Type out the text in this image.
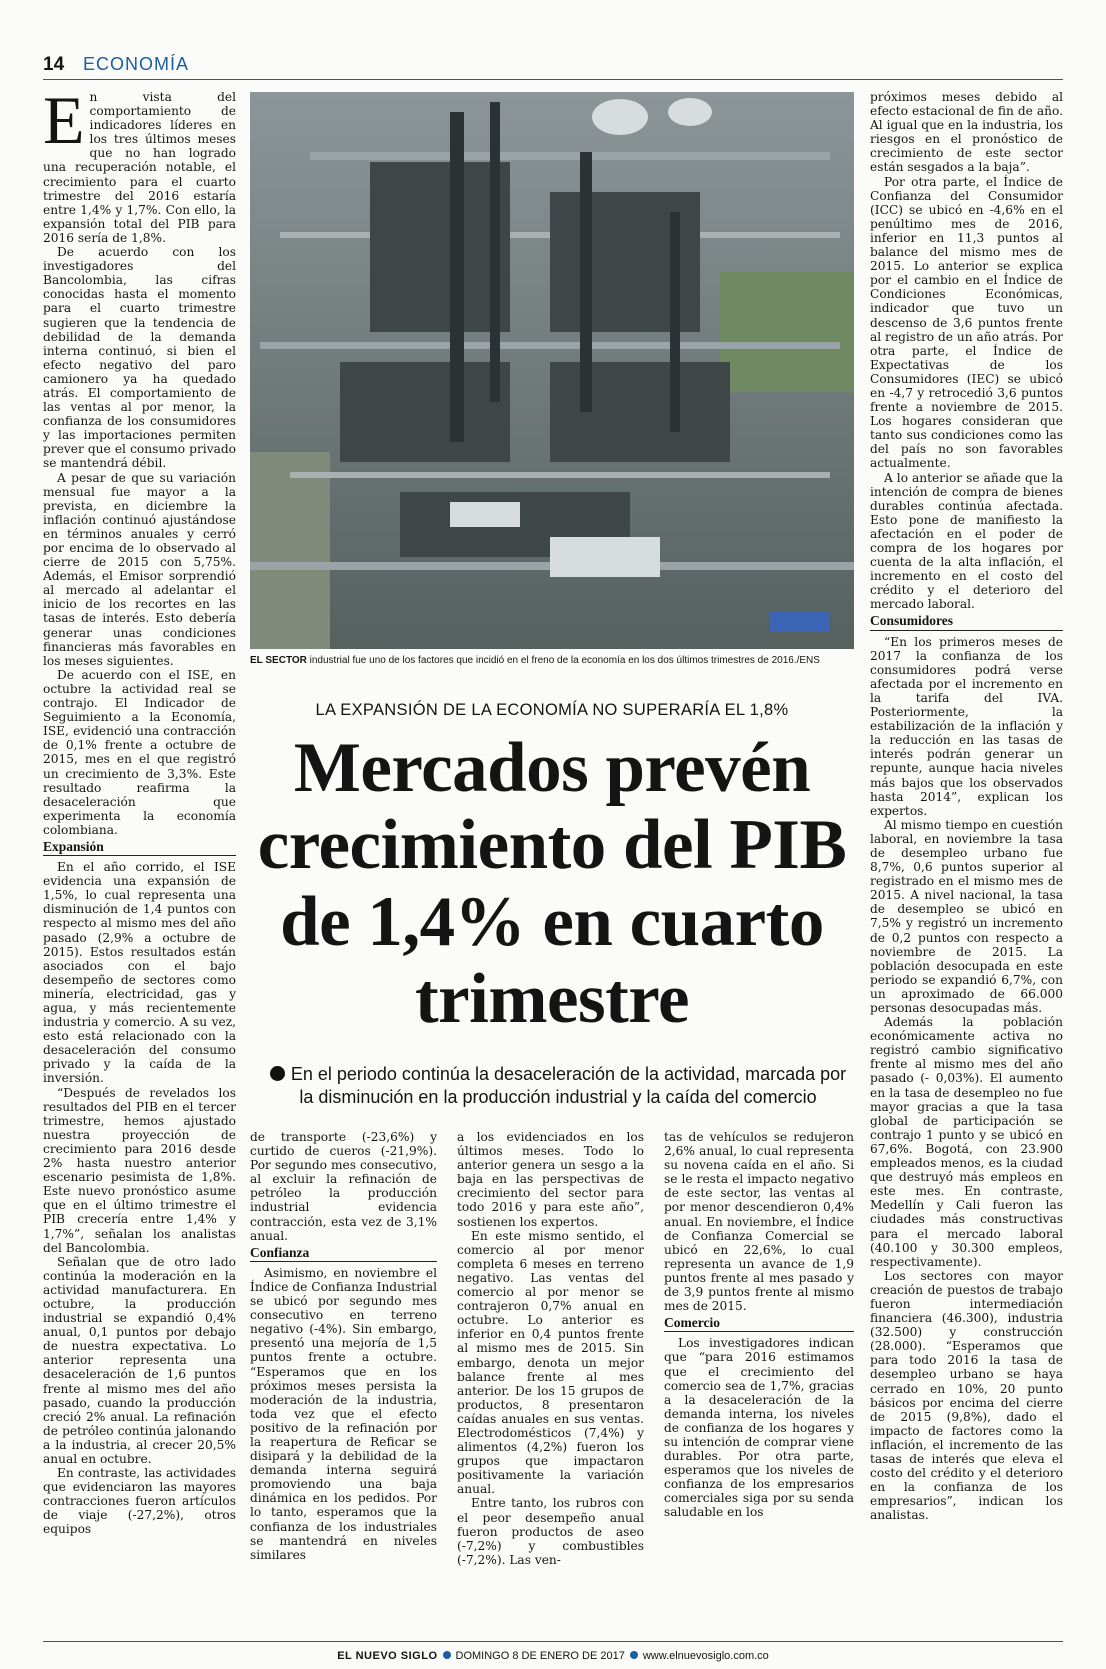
14 ECONOMÍA

En vista del comportamiento de indicadores líderes en los tres últimos meses que no han logrado una recuperación notable, el crecimiento para el cuarto trimestre del 2016 estaría entre 1,4% y 1,7%. Con ello, la expansión total del PIB para 2016 sería de 1,8%.

De acuerdo con los investigadores del Bancolombia, las cifras conocidas hasta el momento para el cuarto trimestre sugieren que la tendencia de debilidad de la demanda interna continuó, si bien el efecto negativo del paro camionero ya ha quedado atrás. El comportamiento de las ventas al por menor, la confianza de los consumidores y las importaciones permiten prever que el consumo privado se mantendrá débil.

A pesar de que su variación mensual fue mayor a la prevista, en diciembre la inflación continuó ajustándose en términos anuales y cerró por encima de lo observado al cierre de 2015 con 5,75%. Además, el Emisor sorprendió al mercado al adelantar el inicio de los recortes en las tasas de interés. Esto debería generar unas condiciones financieras más favorables en los meses siguientes.

De acuerdo con el ISE, en octubre la actividad real se contrajo. El Indicador de Seguimiento a la Economía, ISE, evidenció una contracción de 0,1% frente a octubre de 2015, mes en el que registró un crecimiento de 3,3%. Este resultado reafirma la desaceleración que experimenta la economía colombiana.

Expansión

En el año corrido, el ISE evidencia una expansión de 1,5%, lo cual representa una disminución de 1,4 puntos con respecto al mismo mes del año pasado (2,9% a octubre de 2015). Estos resultados están asociados con el bajo desempeño de sectores como minería, electricidad, gas y agua, y más recientemente industria y comercio. A su vez, esto está relacionado con la desaceleración del consumo privado y la caída de la inversión.

“Después de revelados los resultados del PIB en el tercer trimestre, hemos ajustado nuestra proyección de crecimiento para 2016 desde 2% hasta nuestro anterior escenario pesimista de 1,8%. Este nuevo pronóstico asume que en el último trimestre el PIB crecería entre 1,4% y 1,7%”, señalan los analistas del Bancolombia.

Señalan que de otro lado continúa la moderación en la actividad manufacturera. En octubre, la producción industrial se expandió 0,4% anual, 0,1 puntos por debajo de nuestra expectativa. Lo anterior representa una desaceleración de 1,6 puntos frente al mismo mes del año pasado, cuando la producción creció 2% anual. La refinación de petróleo continúa jalonando a la industria, al crecer 20,5% anual en octubre.

En contraste, las actividades que evidenciaron las mayores contracciones fueron artículos de viaje (-27,2%), otros equipos

EL SECTOR industrial fue uno de los factores que incidió en el freno de la economía en los dos últimos trimestres de 2016./ENS
LA EXPANSIÓN DE LA ECONOMÍA NO SUPERARÍA EL 1,8%
Mercados prevén crecimiento del PIB de 1,4% en cuarto trimestre
En el periodo continúa la desaceleración de la actividad, marcada por la disminución en la producción industrial y la caída del comercio

de transporte (-23,6%) y curtido de cueros (-21,9%). Por segundo mes consecutivo, al excluir la refinación de petróleo la producción industrial evidencia contracción, esta vez de 3,1% anual.

Confianza

Asimismo, en noviembre el Índice de Confianza Industrial se ubicó por segundo mes consecutivo en terreno negativo (-4%). Sin embargo, presentó una mejoría de 1,5 puntos frente a octubre. “Esperamos que en los próximos meses persista la moderación de la industria, toda vez que el efecto positivo de la refinación por la reapertura de Reficar se disipará y la debilidad de la demanda interna seguirá promoviendo una baja dinámica en los pedidos. Por lo tanto, esperamos que la confianza de los industriales se mantendrá en niveles similares

a los evidenciados en los últimos meses. Todo lo anterior genera un sesgo a la baja en las perspectivas de crecimiento del sector para todo 2016 y para este año”, sostienen los expertos.

En este mismo sentido, el comercio al por menor completa 6 meses en terreno negativo. Las ventas del comercio al por menor se contrajeron 0,7% anual en octubre. Lo anterior es inferior en 0,4 puntos frente al mismo mes de 2015. Sin embargo, denota un mejor balance frente al mes anterior. De los 15 grupos de productos, 8 presentaron caídas anuales en sus ventas. Electrodomésticos (7,4%) y alimentos (4,2%) fueron los grupos que impactaron positivamente la variación anual.

Entre tanto, los rubros con el peor desempeño anual fueron productos de aseo (-7,2%) y combustibles (-7,2%). Las ven-

tas de vehículos se redujeron 2,6% anual, lo cual representa su novena caída en el año. Si se le resta el impacto negativo de este sector, las ventas al por menor descendieron 0,4% anual. En noviembre, el Índice de Confianza Comercial se ubicó en 22,6%, lo cual representa un avance de 1,9 puntos frente al mes pasado y de 3,9 puntos frente al mismo mes de 2015.

Comercio

Los investigadores indican que “para 2016 estimamos que el crecimiento del comercio sea de 1,7%, gracias a la desaceleración de la demanda interna, los niveles de confianza de los hogares y su intención de comprar viene durables. Por otra parte, esperamos que los niveles de confianza de los empresarios comerciales siga por su senda saludable en los

próximos meses debido al efecto estacional de fin de año. Al igual que en la industria, los riesgos en el pronóstico de crecimiento de este sector están sesgados a la baja”.

Por otra parte, el Índice de Confianza del Consumidor (ICC) se ubicó en -4,6% en el penúltimo mes de 2016, inferior en 11,3 puntos al balance del mismo mes de 2015. Lo anterior se explica por el cambio en el Índice de Condiciones Económicas, indicador que tuvo un descenso de 3,6 puntos frente al registro de un año atrás. Por otra parte, el Índice de Expectativas de los Consumidores (IEC) se ubicó en -4,7 y retrocedió 3,6 puntos frente a noviembre de 2015. Los hogares consideran que tanto sus condiciones como las del país no son favorables actualmente.

A lo anterior se añade que la intención de compra de bienes durables continúa afectada. Esto pone de manifiesto la afectación en el poder de compra de los hogares por cuenta de la alta inflación, el incremento en el costo del crédito y el deterioro del mercado laboral.

Consumidores

“En los primeros meses de 2017 la confianza de los consumidores podrá verse afectada por el incremento en la tarifa del IVA. Posteriormente, la estabilización de la inflación y la reducción en las tasas de interés podrán generar un repunte, aunque hacia niveles más bajos que los observados hasta 2014”, explican los expertos.

Al mismo tiempo en cuestión laboral, en noviembre la tasa de desempleo urbano fue 8,7%, 0,6 puntos superior al registrado en el mismo mes de 2015. A nivel nacional, la tasa de desempleo se ubicó en 7,5% y registró un incremento de 0,2 puntos con respecto a noviembre de 2015. La población desocupada en este periodo se expandió 6,7%, con un aproximado de 66.000 personas desocupadas más.

Además la población económicamente activa no registró cambio significativo frente al mismo mes del año pasado (- 0,03%). El aumento en la tasa de desempleo no fue mayor gracias a que la tasa global de participación se contrajo 1 punto y se ubicó en 67,6%. Bogotá, con 23.900 empleados menos, es la ciudad que destruyó más empleos en este mes. En contraste, Medellín y Cali fueron las ciudades más constructivas para el mercado laboral (40.100 y 30.300 empleos, respectivamente).

Los sectores con mayor creación de puestos de trabajo fueron intermediación financiera (46.300), industria (32.500) y construcción (28.000). “Esperamos que para todo 2016 la tasa de desempleo urbano se haya cerrado en 10%, 20 punto básicos por encima del cierre de 2015 (9,8%), dado el impacto de factores como la inflación, el incremento de las tasas de interés que eleva el costo del crédito y el deterioro en la confianza de los empresarios”, indican los analistas.

EL NUEVO SIGLO DOMINGO 8 DE ENERO DE 2017 www.elnuevosiglo.com.co
